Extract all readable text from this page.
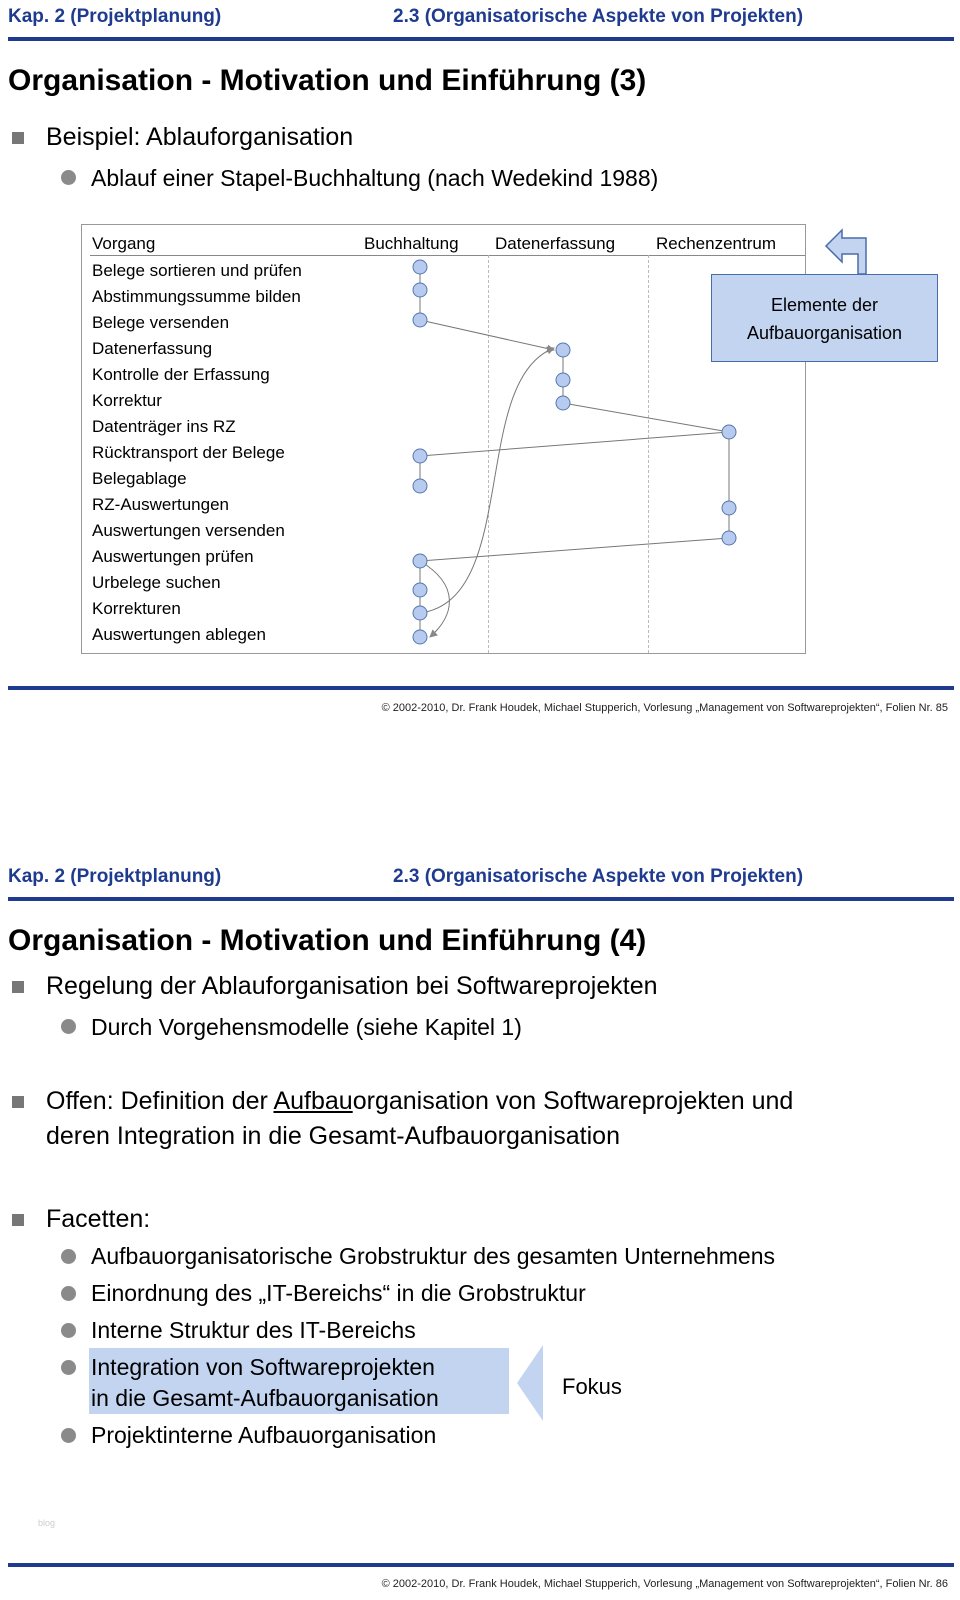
Kap. 2 (Projektplanung)	2.3 (Organisatorische Aspekte von Projekten)
Organisation - Motivation und Einführung (3)
Beispiel: Ablauforganisation
Ablauf einer Stapel-Buchhaltung (nach Wedekind 1988)
Vorgang	Buchhaltung Datenerfassung Rechenzentrum
Belege sortieren und prüfen
Abstimmungssumme bilden
Belege versenden
Datenerfassung
Kontrolle der Erfassung
Korrektur
Datenträger ins RZ
Rücktransport der Belege
Belegablage
RZ-Auswertungen
Auswertungen versenden
Auswertungen prüfen
Urbelege suchen
Korrekturen
Auswertungen ablegen
Elemente der
Aufbauorganisation
© 2002-2010, Dr. Frank Houdek, Michael Stupperich, Vorlesung „Management von Softwareprojekten“, Folien Nr. 85
Kap. 2 (Projektplanung)	2.3 (Organisatorische Aspekte von Projekten)
Organisation - Motivation und Einführung (4)
Regelung der Ablauforganisation bei Softwareprojekten
Durch Vorgehensmodelle (siehe Kapitel 1)
Offen: Definition der Aufbauorganisation von Softwareprojekten und
deren Integration in die Gesamt-Aufbauorganisation
Facetten:
Fokus
Aufbauorganisatorische Grobstruktur des gesamten Unternehmens
Einordnung des „IT-Bereichs“ in die Grobstruktur
Interne Struktur des IT-Bereichs
Integration von Softwareprojekten
in die Gesamt-Aufbauorganisation
Projektinterne Aufbauorganisation
blog
© 2002-2010, Dr. Frank Houdek, Michael Stupperich, Vorlesung „Management von Softwareprojekten“, Folien Nr. 86
